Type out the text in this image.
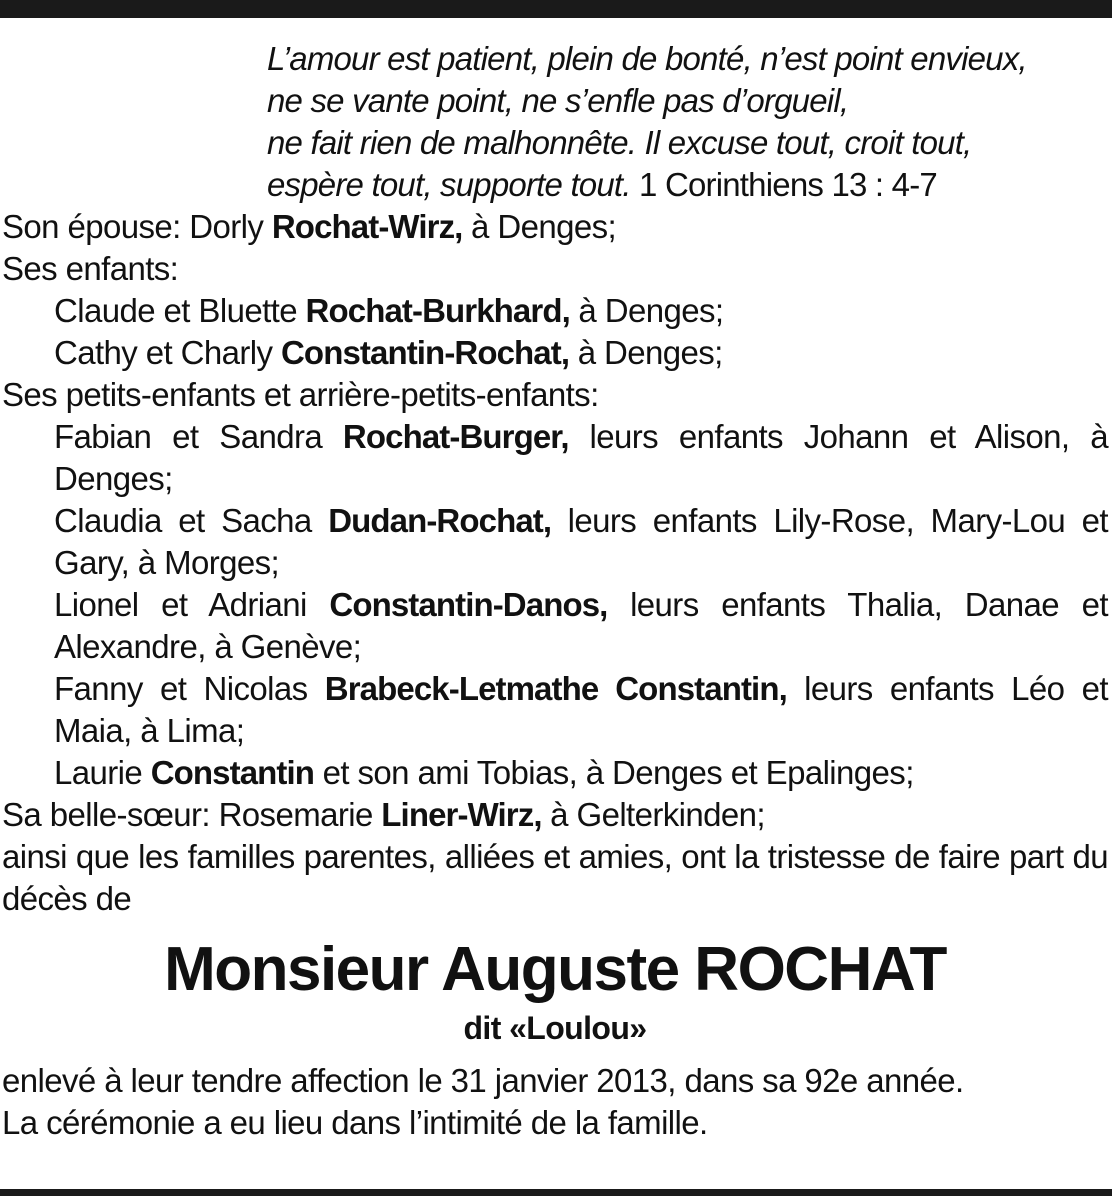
L’amour est patient, plein de bonté, n’est point envieux,
ne se vante point, ne s’enfle pas d’orgueil,
ne fait rien de malhonnête. Il excuse tout, croit tout,
espère tout, supporte tout. 1 Corinthiens 13 : 4-7
Son épouse: Dorly Rochat-Wirz, à Denges;
Ses enfants:
Claude et Bluette Rochat-Burkhard, à Denges;
Cathy et Charly Constantin-Rochat, à Denges;
Ses petits-enfants et arrière-petits-enfants:
Fabian et Sandra Rochat-Burger, leurs enfants Johann et Alison, à Denges;
Claudia et Sacha Dudan-Rochat, leurs enfants Lily-Rose, Mary-Lou et Gary, à Morges;
Lionel et Adriani Constantin-Danos, leurs enfants Thalia, Danae et Alexandre, à Genève;
Fanny et Nicolas Brabeck-Letmathe Constantin, leurs enfants Léo et Maia, à Lima;
Laurie Constantin et son ami Tobias, à Denges et Epalinges;
Sa belle-sœur: Rosemarie Liner-Wirz, à Gelterkinden;
ainsi que les familles parentes, alliées et amies, ont la tristesse de faire part du décès de
Monsieur Auguste ROCHAT
dit «Loulou»
enlevé à leur tendre affection le 31 janvier 2013, dans sa 92e année.
La cérémonie a eu lieu dans l’intimité de la famille.
